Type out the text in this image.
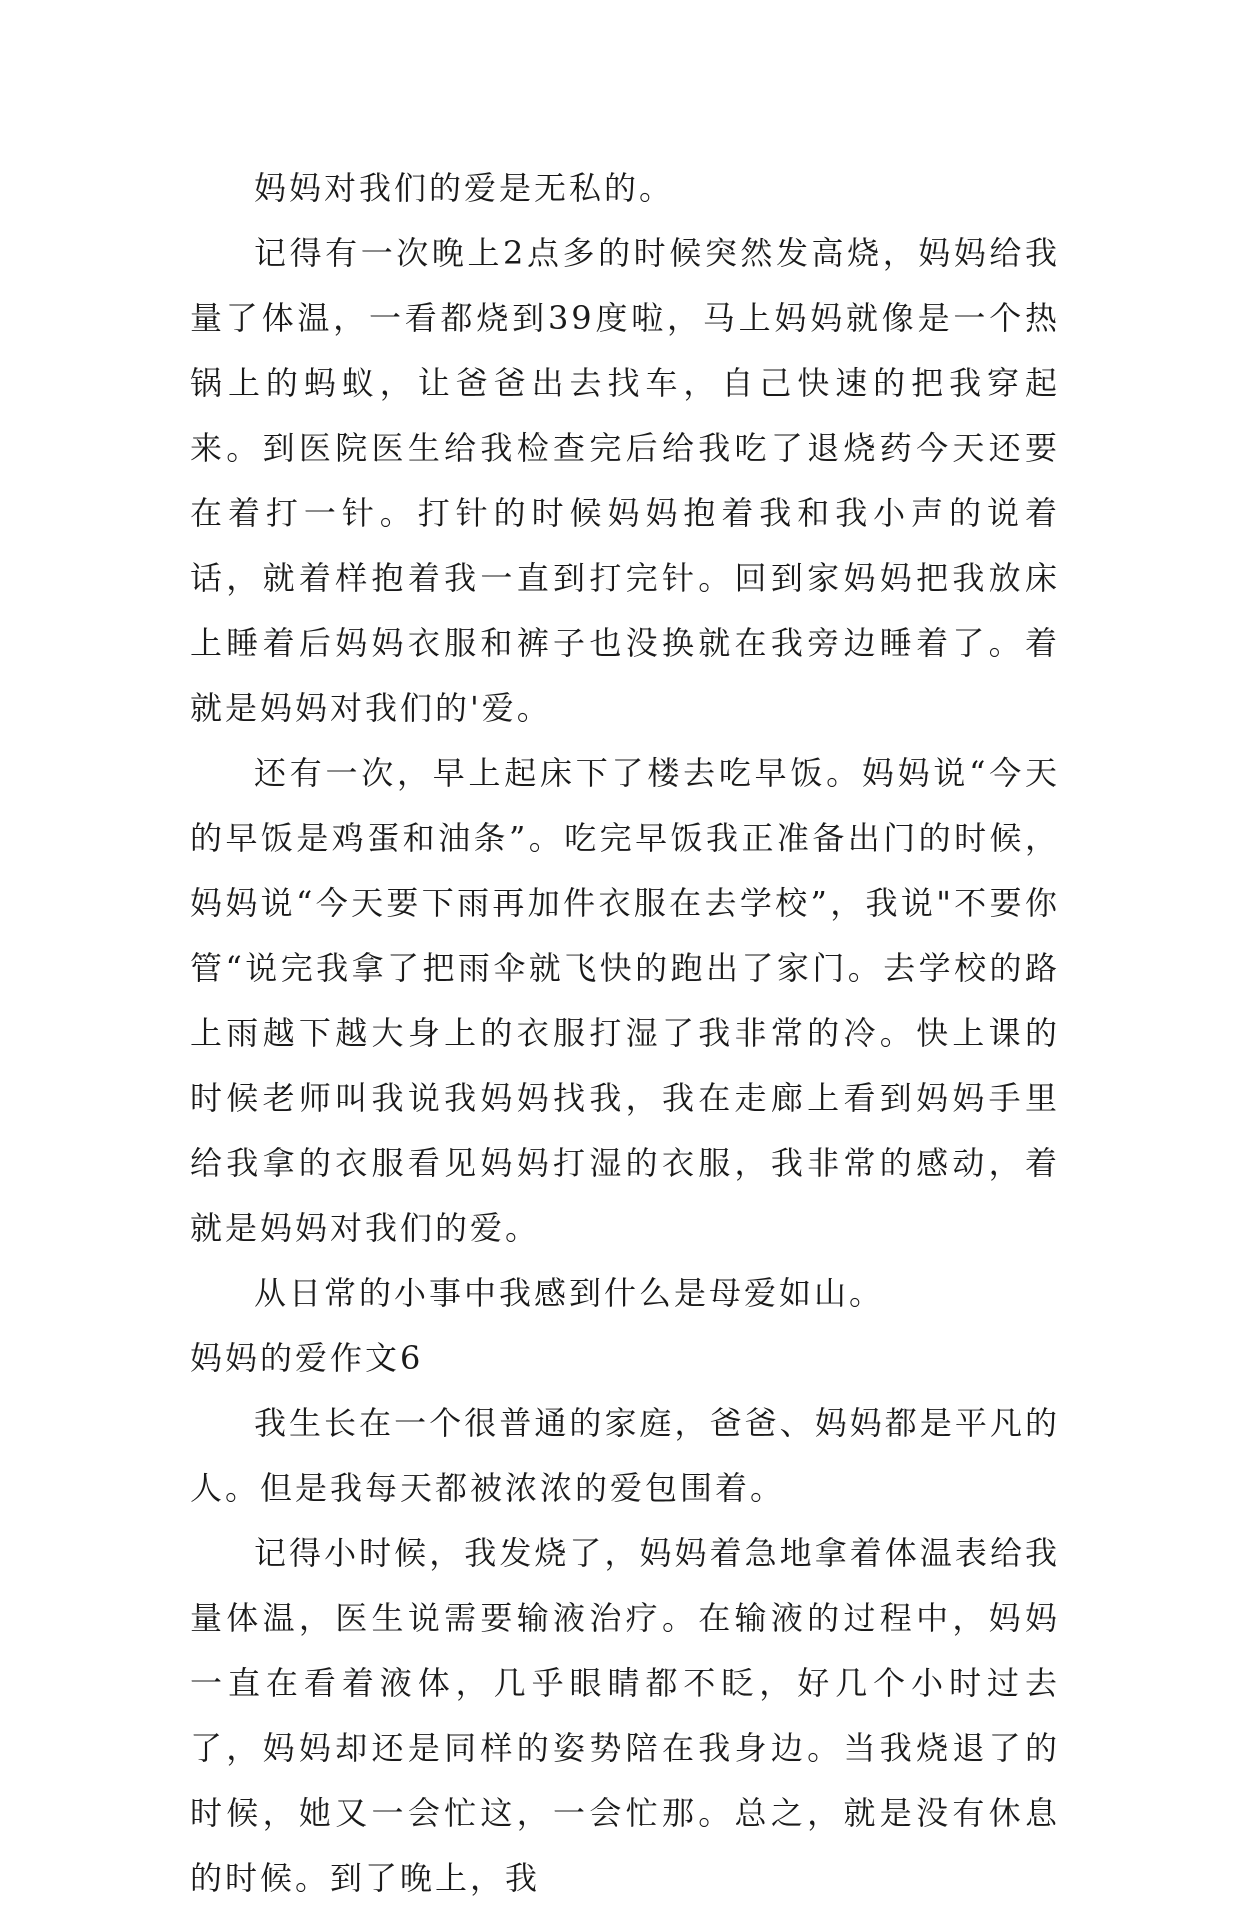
妈妈对我们的爱是无私的。

记得有一次晚上2点多的时候突然发高烧，妈妈给我量了体温，一看都烧到39度啦，马上妈妈就像是一个热锅上的蚂蚁，让爸爸出去找车，自己快速的把我穿起来。到医院医生给我检查完后给我吃了退烧药今天还要在着打一针。打针的时候妈妈抱着我和我小声的说着话，就着样抱着我一直到打完针。回到家妈妈把我放床上睡着后妈妈衣服和裤子也没换就在我旁边睡着了。着就是妈妈对我们的'爱。

还有一次，早上起床下了楼去吃早饭。妈妈说“今天的早饭是鸡蛋和油条”。吃完早饭我正准备出门的时候，妈妈说“今天要下雨再加件衣服在去学校”，我说"不要你管“说完我拿了把雨伞就飞快的跑出了家门。去学校的路上雨越下越大身上的衣服打湿了我非常的冷。快上课的时候老师叫我说我妈妈找我，我在走廊上看到妈妈手里给我拿的衣服看见妈妈打湿的衣服，我非常的感动，着就是妈妈对我们的爱。

从日常的小事中我感到什么是母爱如山。

妈妈的爱作文6

我生长在一个很普通的家庭，爸爸、妈妈都是平凡的人。但是我每天都被浓浓的爱包围着。

记得小时候，我发烧了，妈妈着急地拿着体温表给我量体温，医生说需要输液治疗。在输液的过程中，妈妈一直在看着液体，几乎眼睛都不眨，好几个小时过去了，妈妈却还是同样的姿势陪在我身边。当我烧退了的时候，她又一会忙这，一会忙那。总之，就是没有休息的时候。到了晚上，我
